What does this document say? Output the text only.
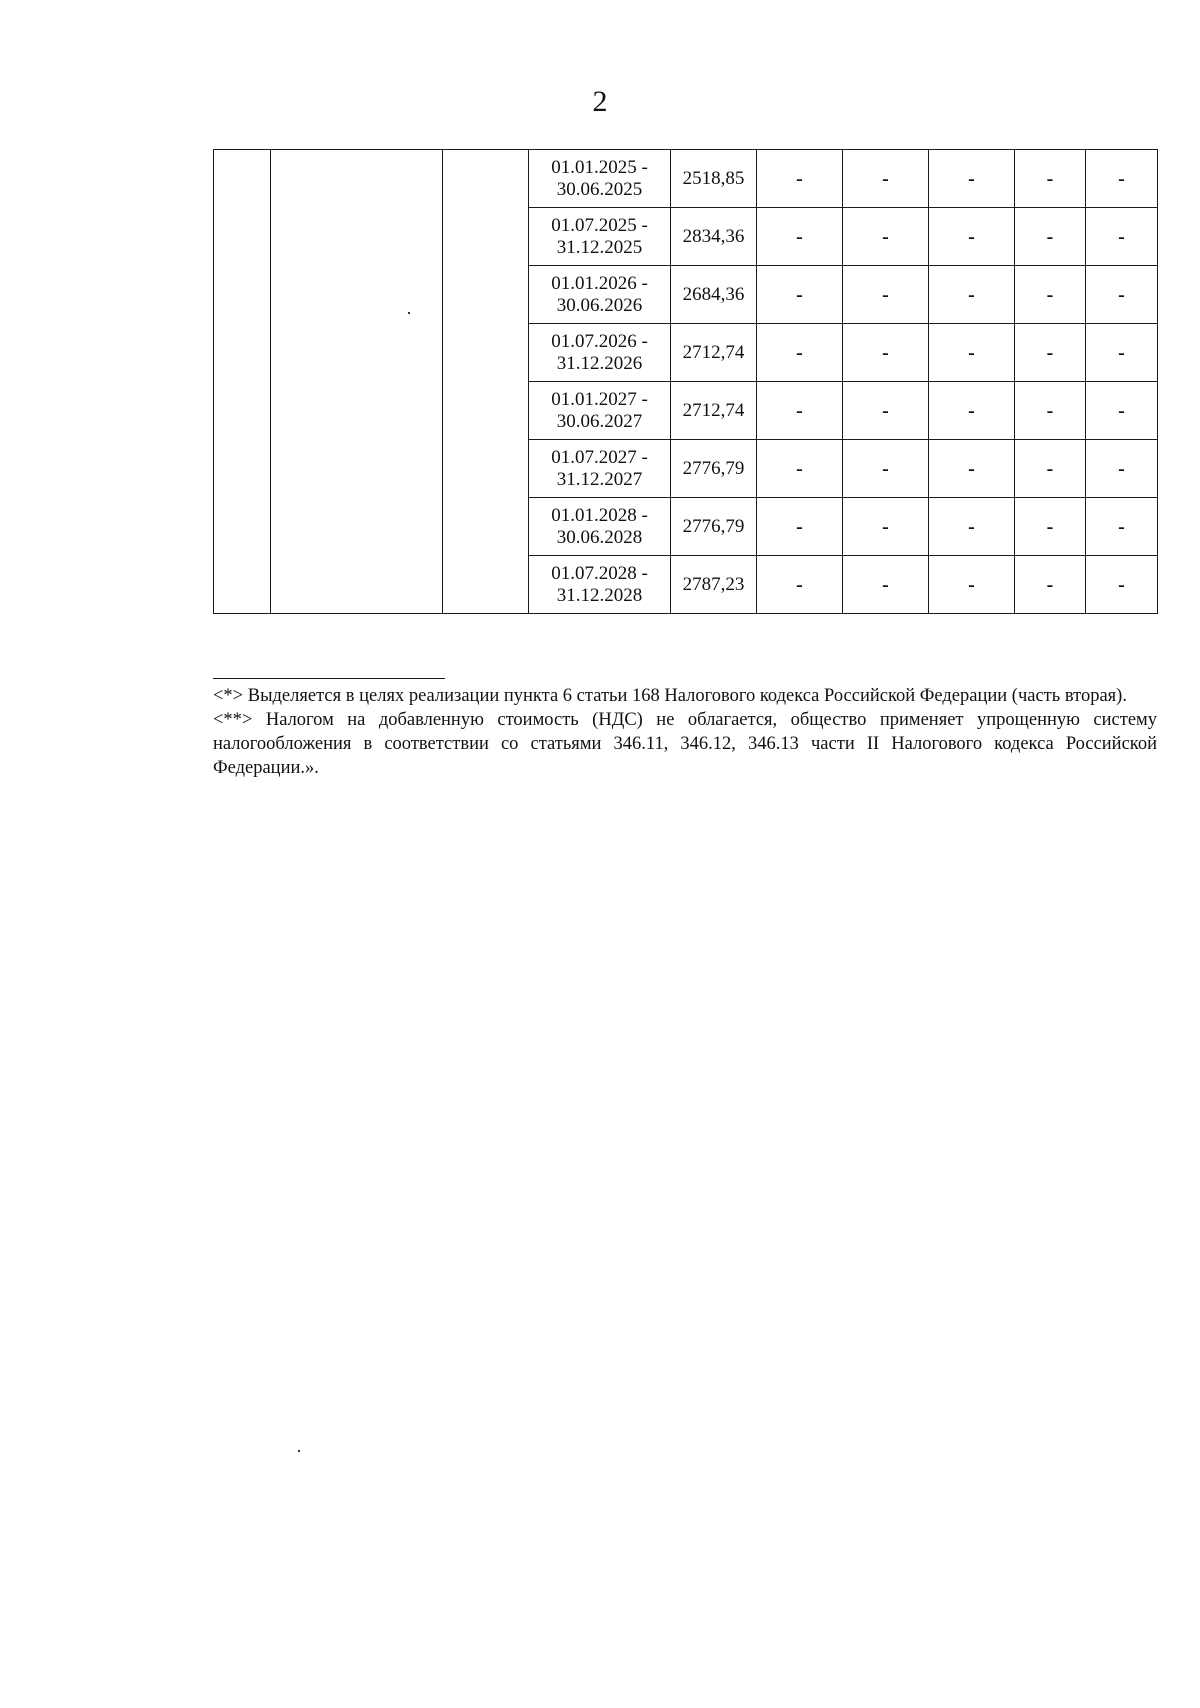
2

			01.01.2025 -
30.06.2025	2518,85	-	-	-	-	-

			01.07.2025 -
31.12.2025	2834,36	-	-	-	-	-

			01.01.2026 -
30.06.2026	2684,36	-	-	-	-	-

			01.07.2026 -
31.12.2026	2712,74	-	-	-	-	-

			01.01.2027 -
30.06.2027	2712,74	-	-	-	-	-

			01.07.2027 -
31.12.2027	2776,79	-	-	-	-	-

			01.01.2028 -
30.06.2028	2776,79	-	-	-	-	-

			01.07.2028 -
31.12.2028	2787,23	-	-	-	-	-

<*> Выделяется в целях реализации пункта 6 статьи 168 Налогового кодекса Российской Федерации (часть вторая).

<**> Налогом на добавленную стоимость (НДС) не облагается, общество применяет упрощенную систему налогообложения в соответствии со статьями 346.11, 346.12, 346.13 части II Налогового кодекса Российской Федерации.».
